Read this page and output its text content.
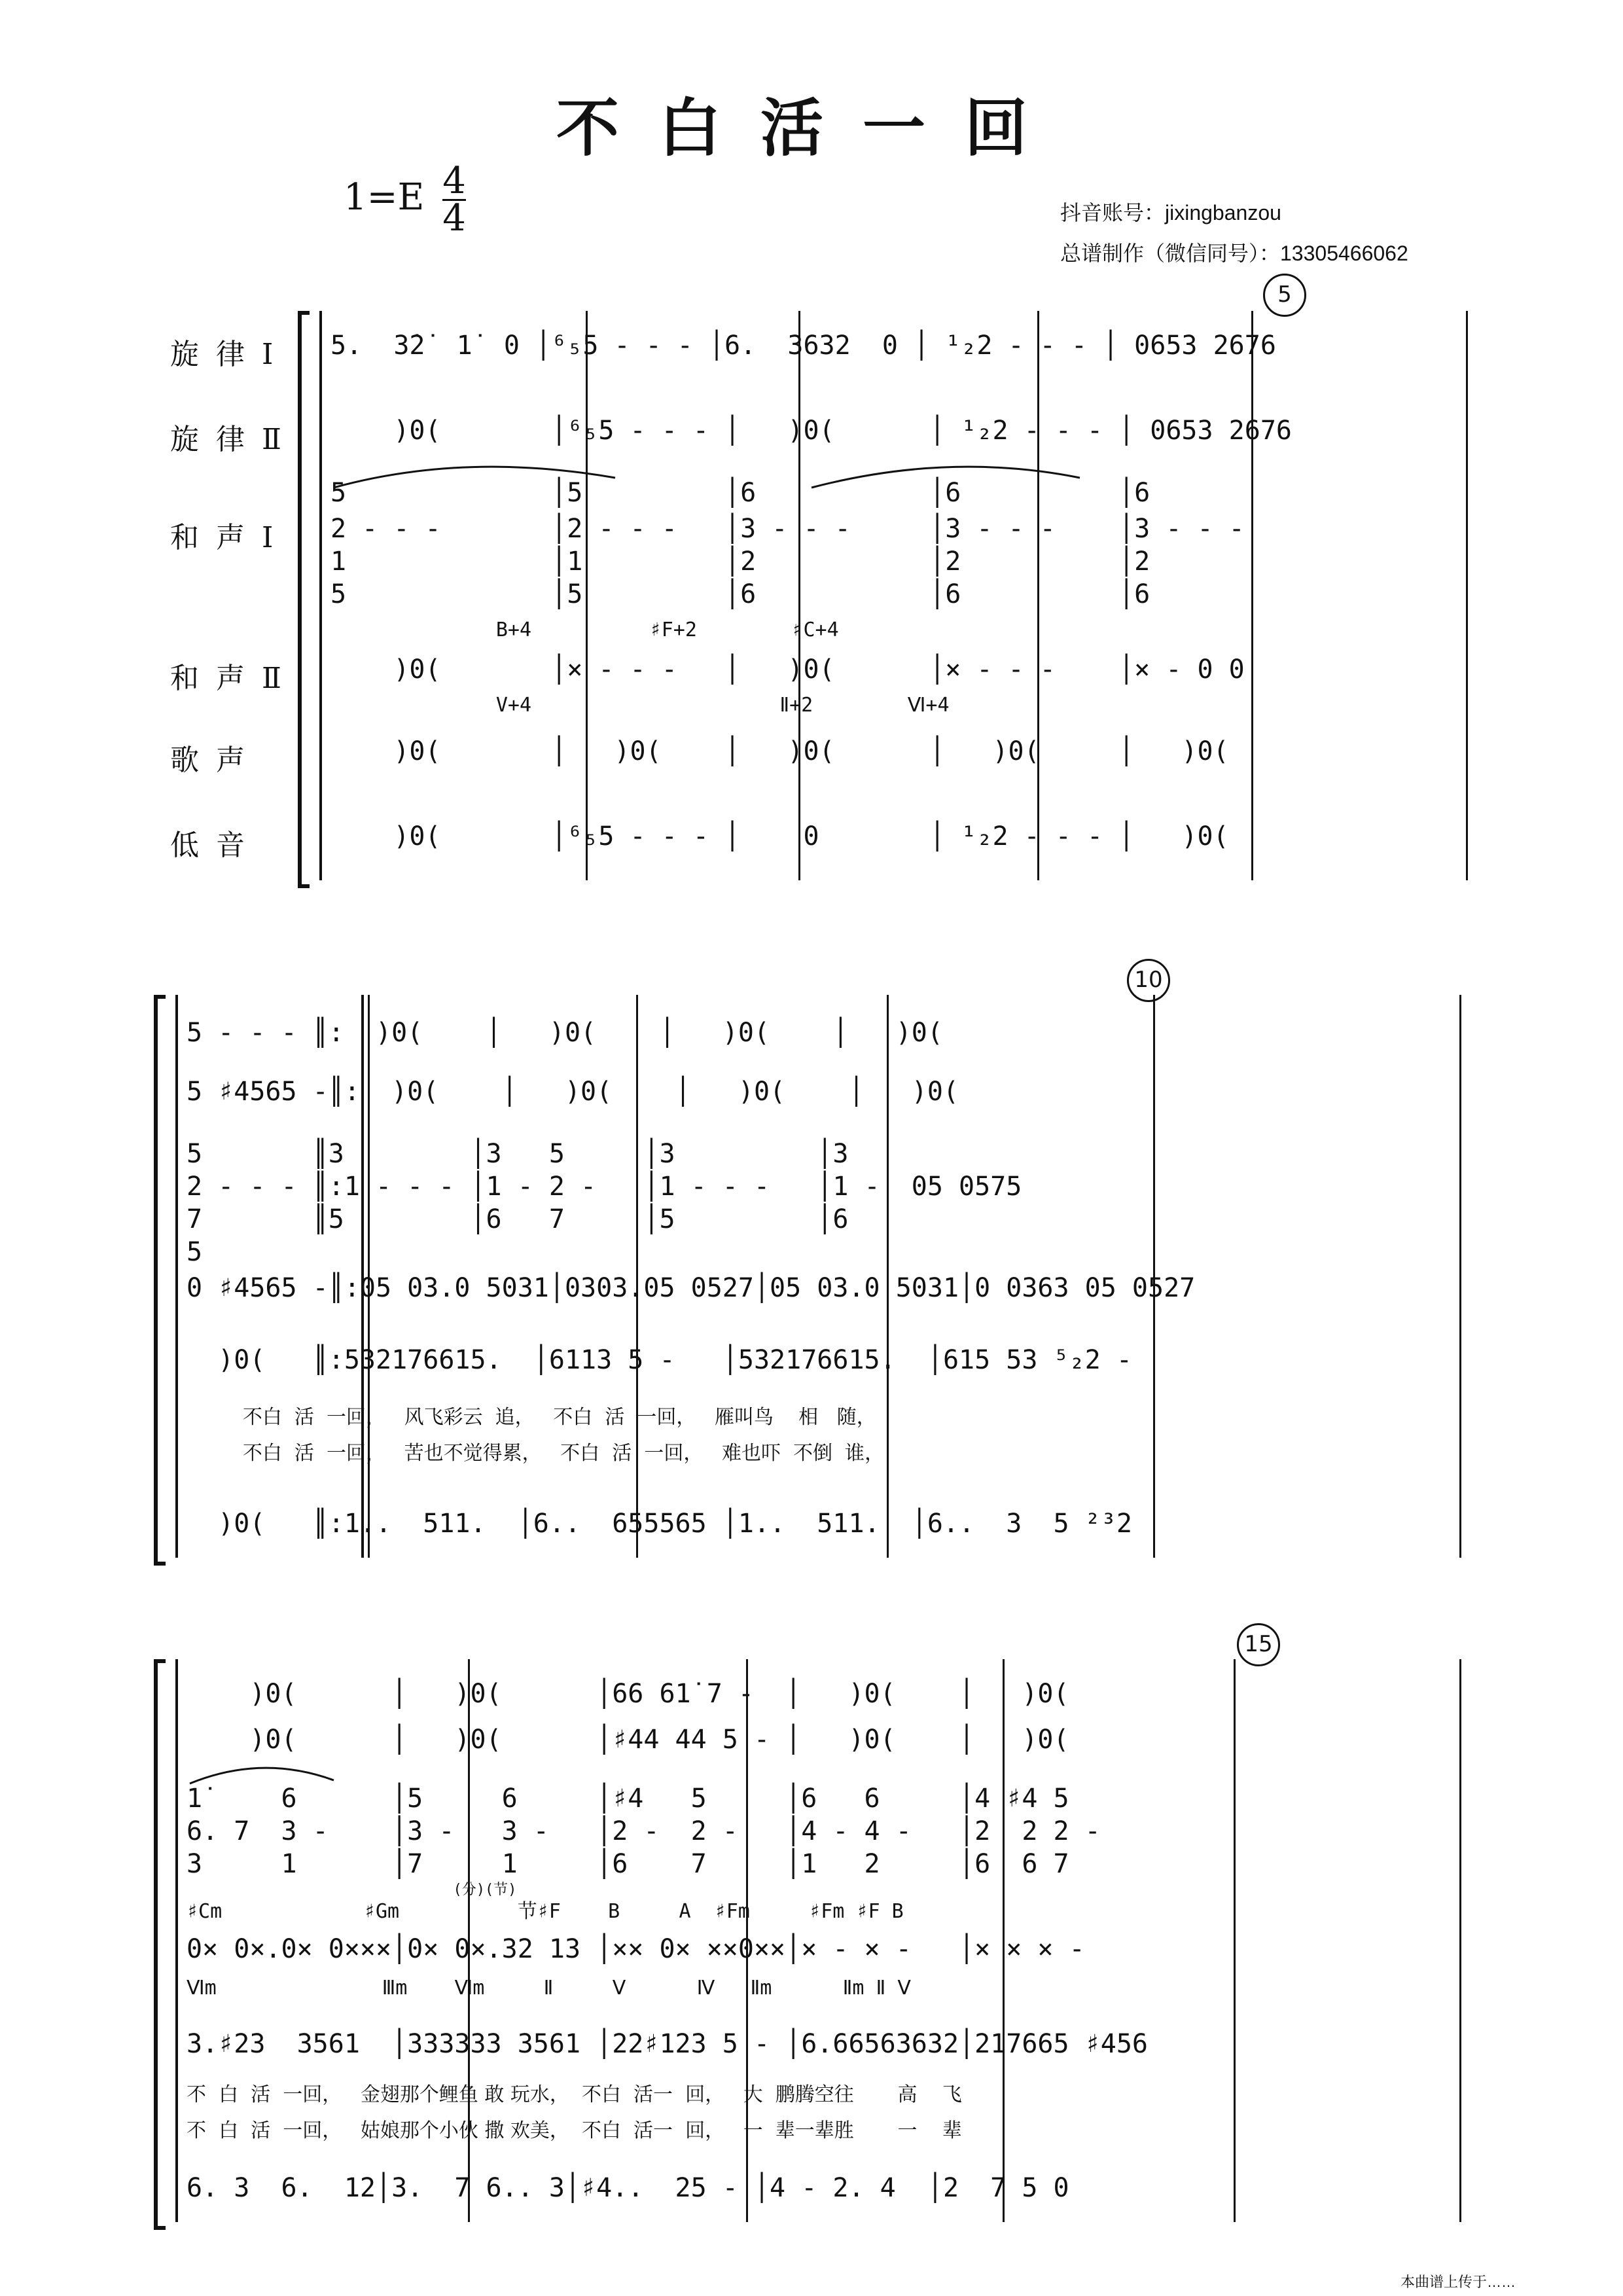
不白活一回
$1=E \frac{4}{4}$	抖音账号：jixingbanzou
总谱制作（微信同号）：13305466062
旋律Ⅰ
旋律Ⅱ
和声Ⅰ
和声Ⅱ
歌声
低音
5
5.  3̇2̇  1̇  0 │⁶₅5 - - - │6.  3632  0 │ ¹₂2 - - - │ 0653 2676
)0(       │⁶₅5 - - - │   )0(      │ ¹₂2 - - - │ 0653 2676
5             │5         │6           │6          │6
2 - - -       │2 - - -   │3 - - -     │3 - - -    │3 - - -
1             │1         │2           │2          │2
5             │5         │6           │6          │6
B+4          ♯F+2        ♯C+4
)0(       │× - - -   │   )0(      │× - - -    │× - 0 0
V+4                     Ⅱ+2        Ⅵ+4
)0(       │   )0(    │   )0(      │   )0(     │   )0(
)0(       │⁶₅5 - - - │    0       │ ¹₂2 - - - │   )0(
10
5 - - - ║:  )0(    │   )0(    │   )0(    │   )0(
5 ♯4565 -║:  )0(    │   )0(    │   )0(    │   )0(
5       ║3        │3   5     │3         │3
2 - - - ║:1 - - - │1 - 2 -   │1 - - -   │1 -  05 0575
7       ║5        │6   7     │5         │6
5
0 ♯4565 -║:05 03.0 5031│0303.05 0527│05 03.0 5031│0 0363 05 0527
)0(   ║:532176615.  │6113 5 -   │532176615.  │615 53 ⁵₂2 -
不白  活  一回，   风飞彩云  追，   不白  活  一回，   雁叫鸟    相   随，
不白  活  一回，   苦也不觉得累，   不白  活  一回，   难也吓  不倒  谁，
)0(   ║:1..  511.  │6..  655565 │1..  511.  │6..  3  5 ²³2
15
)0(      │   )0(      │66 61̇ 7 -  │   )0(    │   )0(
)0(      │   )0(      │♯44 44 5 - │   )0(    │   )0(
1̇     6      │5     6     │♯4   5     │6   6     │4 ♯4 5
6. 7  3 -    │3 -   3 -   │2 -  2 -   │4 - 4 -   │2  2 2 -
3     1      │7     1     │6    7     │1   2     │6  6 7
♯Cm            ♯Gm          节♯F    B     A  ♯Fm     ♯Fm ♯F B
(分)(节)
0× 0×.0× 0×××│0× 0×.32 13 │×× 0× ××0××│× - × -   │× × × -
Ⅵm              Ⅲm    Ⅵm     Ⅱ     Ⅴ      Ⅳ   Ⅱm      Ⅱm Ⅱ Ⅴ
3.♯23  3561  │333333 3561 │22♯123 5 - │6.66563632│217665 ♯456
不  白  活  一回，   金翅那个鲤鱼 敢 玩水，  不白  活一  回，   大  鹏腾空往       高    飞
不  白  活  一回，   姑娘那个小伙 撒 欢美，  不白  活一  回，   一  辈一辈胜       一    辈
6. 3  6.  12│3.  7 6.. 3│♯4..  25 - │4 - 2. 4  │2  7 5 0
本曲谱上传于……
